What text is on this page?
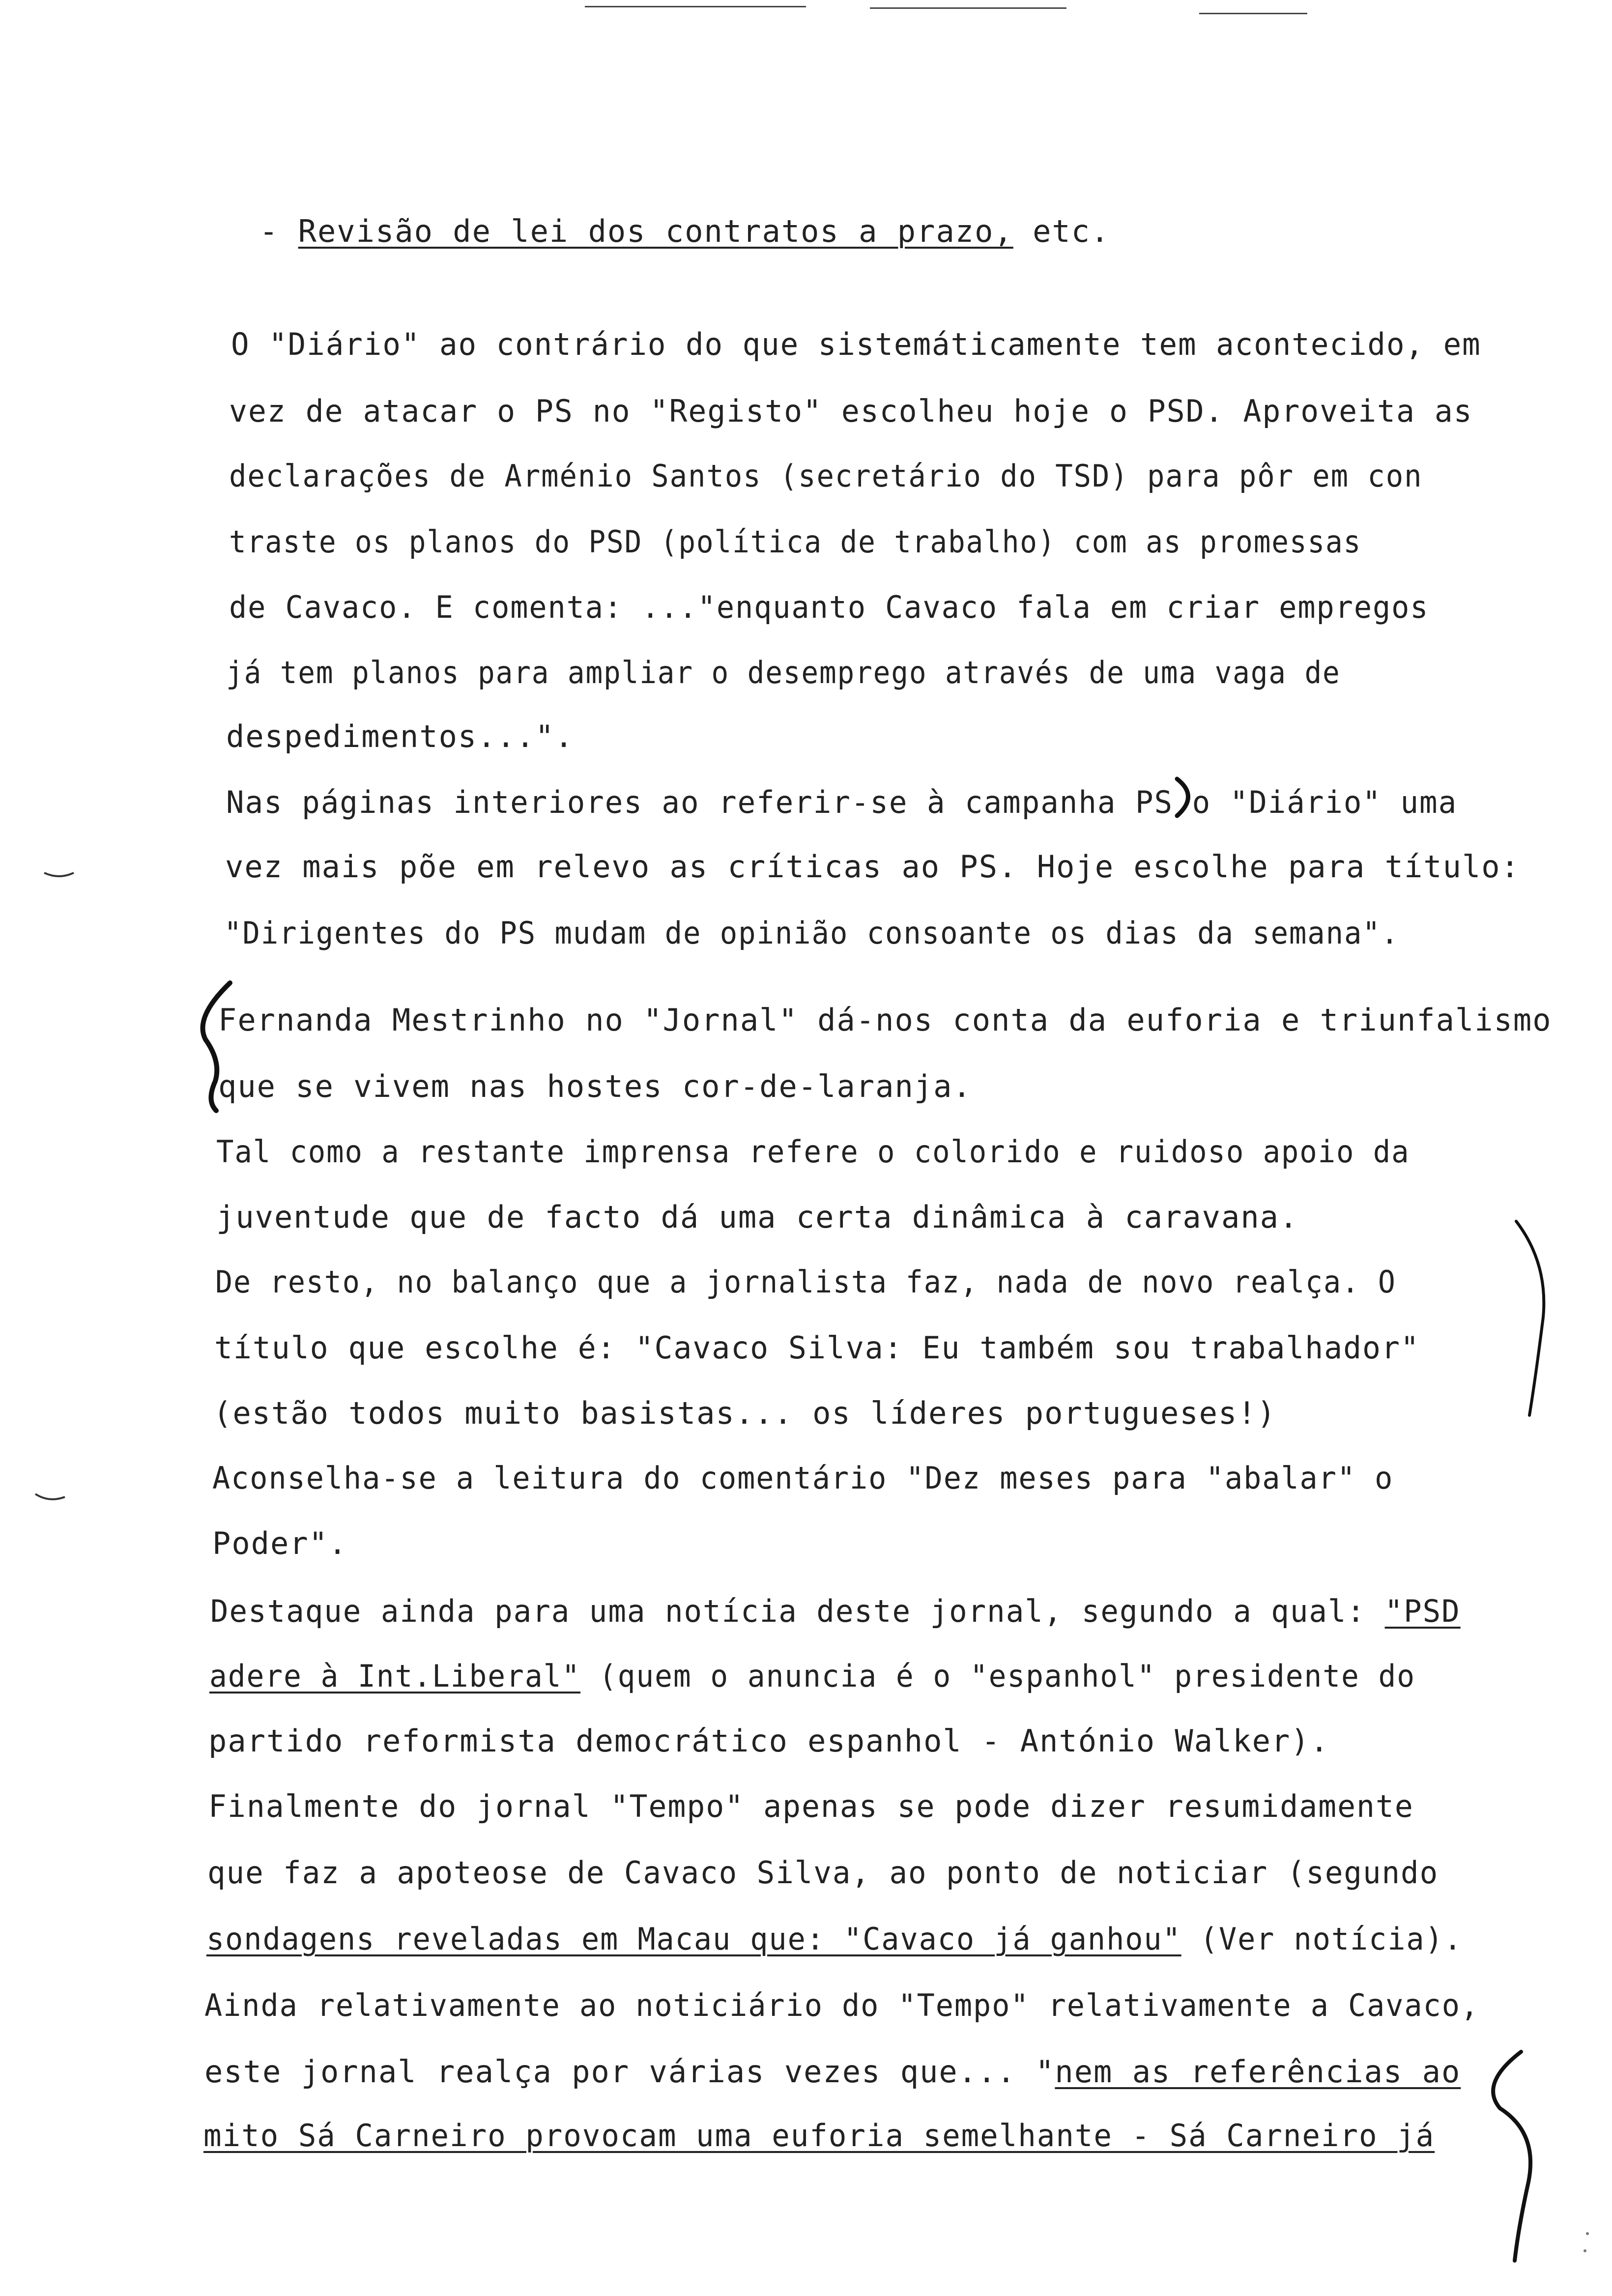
- Revisão de lei dos contratos a prazo, etc.
O "Diário" ao contrário do que sistemáticamente tem acontecido, em
vez de atacar o PS no "Registo" escolheu hoje o PSD. Aproveita as
declarações de Arménio Santos (secretário do TSD) para pôr em con
traste os planos do PSD (política de trabalho) com as promessas
de Cavaco. E comenta: ..."enquanto Cavaco fala em criar empregos
já tem planos para ampliar o desemprego através de uma vaga de
despedimentos...".
Nas páginas interiores ao referir-se à campanha PS o "Diário" uma
vez mais põe em relevo as críticas ao PS. Hoje escolhe para título:
"Dirigentes do PS mudam de opinião consoante os dias da semana".
Fernanda Mestrinho no "Jornal" dá-nos conta da euforia e triunfalismo
que se vivem nas hostes cor-de-laranja.
Tal como a restante imprensa refere o colorido e ruidoso apoio da
juventude que de facto dá uma certa dinâmica à caravana.
De resto, no balanço que a jornalista faz, nada de novo realça. O
título que escolhe é: "Cavaco Silva: Eu também sou trabalhador"
(estão todos muito basistas... os líderes portugueses!)
Aconselha-se a leitura do comentário "Dez meses para "abalar" o
Poder".
Destaque ainda para uma notícia deste jornal, segundo a qual: "PSD
adere à Int.Liberal" (quem o anuncia é o "espanhol" presidente do
partido reformista democrático espanhol - António Walker).
Finalmente do jornal "Tempo" apenas se pode dizer resumidamente
que faz a apoteose de Cavaco Silva, ao ponto de noticiar (segundo
sondagens reveladas em Macau que: "Cavaco já ganhou" (Ver notícia).
Ainda relativamente ao noticiário do "Tempo" relativamente a Cavaco,
este jornal realça por várias vezes que... "nem as referências ao
mito Sá Carneiro provocam uma euforia semelhante - Sá Carneiro já
